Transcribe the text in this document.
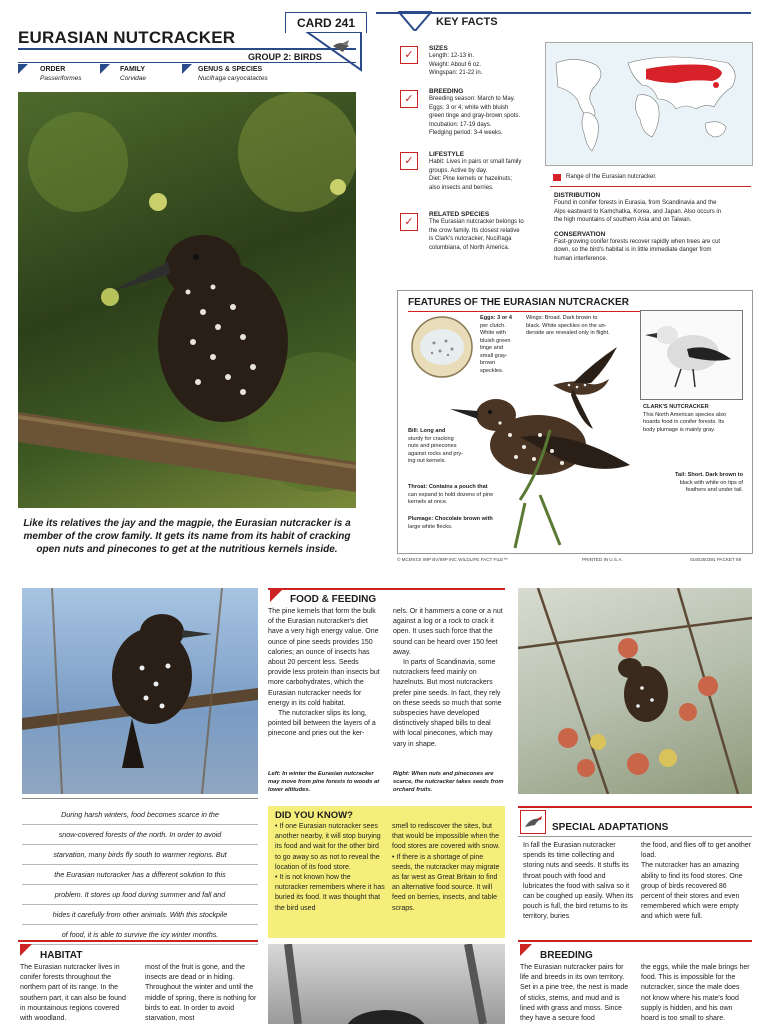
CARD 241
EURASIAN NUTCRACKER
GROUP 2: BIRDS
ORDER
Passeriformes
FAMILY
Corvidae
GENUS & SPECIES
Nucifraga caryocatactes
Like its relatives the jay and the magpie, the Eurasian nutcracker is a member of the crow family. It gets its name from its habit of cracking open nuts and pinecones to get at the nutritious kernels inside.
KEY FACTS
✓
SIZES
Length: 12-13 in.
Weight: About 6 oz.
Wingspan: 21-22 in.
✓
BREEDING
Breeding season: March to May.
Eggs: 3 or 4; white with bluish
green tinge and gray-brown spots.
Incubation: 17-19 days.
Fledging period: 3-4 weeks.
✓
LIFESTYLE
Habit: Lives in pairs or small family
groups. Active by day.
Diet: Pine kernels or hazelnuts;
also insects and berries.
✓
RELATED SPECIES
The Eurasian nutcracker belongs to
the crow family. Its closest relative
is Clark's nutcracker, Nucifraga
columbiana, of North America.
Range of the Eurasian nutcracker.
DISTRIBUTION
Found in conifer forests in Eurasia, from Scandinavia and the
Alps eastward to Kamchatka, Korea, and Japan. Also occurs in
the high mountains of southern Asia and on Taiwan.
CONSERVATION
Fast-growing conifer forests recover rapidly when trees are cut
down, so the bird's habitat is in little immediate danger from
human interference.
FEATURES OF THE EURASIAN NUTCRACKER
Eggs: 3 or 4
per clutch.
White with
bluish green
tinge and
small gray-
brown
speckles.
Wings: Broad. Dark brown to
black. White speckles on the un-
derside are revealed only in flight.
CLARK'S NUTCRACKER
This North American species also
hoards food in conifer forests. Its
body plumage is mainly gray.
Bill: Long and
sturdy for cracking
nuts and pinecones
against rocks and pry-
ing out kernels.
Throat: Contains a pouch that
can expand to hold dozens of pine
kernels at once.
Plumage: Chocolate brown with
large white flecks.
Tail: Short. Dark brown to
black with white on tips of
feathers and under tail.
© MCMXCII IMP BV/IMP INC WILDLIFE FACT FILE™	PRINTED IN U.S.A.	0160250391 PACKET 59
FOOD & FEEDING
The pine kernels that form the bulk of the Eurasian nutcracker's diet have a very high energy value. One ounce of pine seeds provides 150 calories; an ounce of insects has about 20 percent less. Seeds provide less protein than insects but more carbohydrates, which the Eurasian nutcracker needs for energy in its cold habitat.
The nutcracker slips its long, pointed bill between the layers of a pinecone and pries out the ker-
nels. Or it hammers a cone or a nut against a log or a rock to crack it open. It uses such force that the sound can be heard over 150 feet away.
In parts of Scandinavia, some nutcrackers feed mainly on hazelnuts. But most nutcrackers prefer pine seeds. In fact, they rely on these seeds so much that some subspecies have developed distinctively shaped bills to deal with local pinecones, which may vary in shape.
Left: In winter the Eurasian nutcracker may move from pine forests to woods at lower altitudes.
Right: When nuts and pinecones are scarce, the nutcracker takes seeds from orchard fruits.
During harsh winters, food becomes scarce in the
snow-covered forests of the north. In order to avoid
starvation, many birds fly south to warmer regions. But
the Eurasian nutcracker has a different solution to this
problem. It stores up food during summer and fall and
hides it carefully from other animals. With this stockpile
of food, it is able to survive the icy winter months.
DID YOU KNOW?
• If one Eurasian nutcracker sees another nearby, it will stop burying its food and wait for the other bird to go away so as not to reveal the location of its food store.
• It is not known how the nutcracker remembers where it has buried its food. It was thought that the bird used
smell to rediscover the sites, but that would be impossible when the food stores are covered with snow.
• If there is a shortage of pine seeds, the nutcracker may migrate as far west as Great Britain to find an alternative food source. It will feed on berries, insects, and table scraps.
SPECIAL ADAPTATIONS
In fall the Eurasian nutcracker spends its time collecting and storing nuts and seeds. It stuffs its throat pouch with food and lubricates the food with saliva so it can be coughed up easily. When its pouch is full, the bird returns to its territory, buries
the food, and flies off to get another load.
The nutcracker has an amazing ability to find its food stores. One group of birds recovered 86 percent of their stores and even remembered which were empty and which were full.
HABITAT
The Eurasian nutcracker lives in conifer forests throughout the northern part of its range. In the southern part, it can also be found in mountainous regions covered with woodland.
most of the fruit is gone, and the insects are dead or in hiding. Throughout the winter and until the middle of spring, there is nothing for birds to eat. In order to avoid starvation, most
BREEDING
The Eurasian nutcracker pairs for life and breeds in its own territory. Set in a pine tree, the nest is made of sticks, stems, and mud and is lined with grass and moss. Since they have a secure food
the eggs, while the male brings her food. This is impossible for the nutcracker, since the male does not know where his mate's food supply is hidden, and his own hoard is too small to share.
